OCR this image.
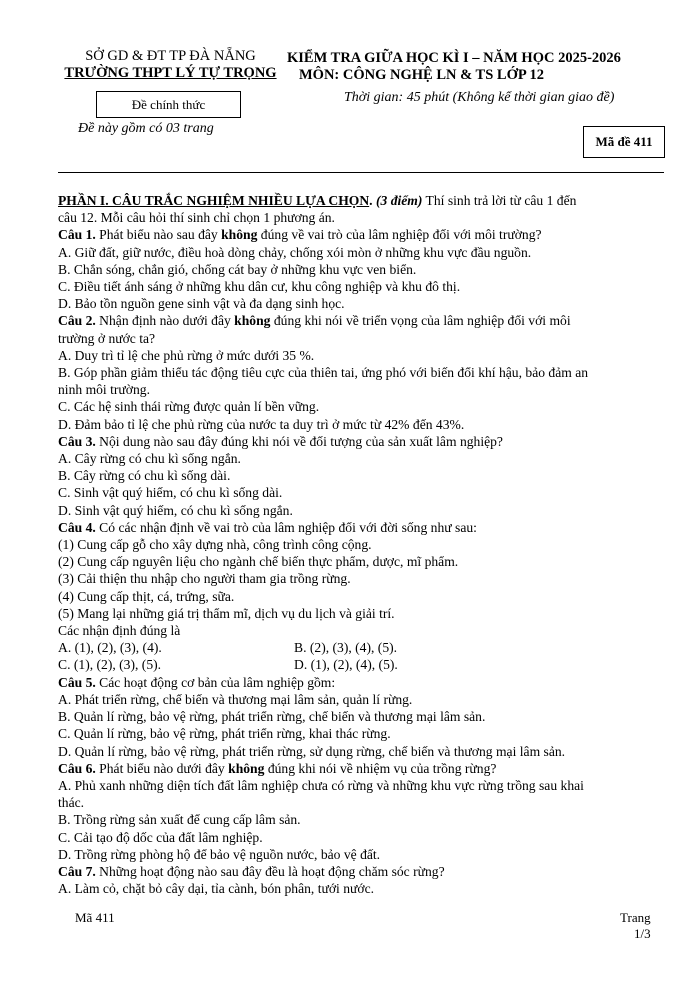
SỞ GD & ĐT TP ĐÀ NẴNG
TRƯỜNG THPT LÝ TỰ TRỌNG
Đề chính thức
Đề này gồm có 03 trang
KIỂM TRA GIỮA HỌC KÌ I – NĂM HỌC 2025-2026
MÔN: CÔNG NGHỆ LN & TS LỚP 12
Thời gian: 45 phút (Không kể thời gian giao đề)
Mã đề 411

PHẦN I. CÂU TRẮC NGHIỆM NHIỀU LỰA CHỌN. (3 điểm) Thí sinh trả lời từ câu 1 đến

câu 12. Mỗi câu hỏi thí sinh chỉ chọn 1 phương án.

Câu 1. Phát biểu nào sau đây không đúng về vai trò của lâm nghiệp đối với môi trường?

A. Giữ đất, giữ nước, điều hoà dòng chảy, chống xói mòn ở những khu vực đầu nguồn.

B. Chắn sóng, chắn gió, chống cát bay ở những khu vực ven biển.

C. Điều tiết ánh sáng ở những khu dân cư, khu công nghiệp và khu đô thị.

D. Bảo tồn nguồn gene sinh vật và đa dạng sinh học.

Câu 2. Nhận định nào dưới đây không đúng khi nói về triển vọng của lâm nghiệp đối với môi

trường ở nước ta?

A. Duy trì tỉ lệ che phủ rừng ở mức dưới 35 %.

B. Góp phần giảm thiểu tác động tiêu cực của thiên tai, ứng phó với biến đổi khí hậu, bảo đảm an

ninh môi trường.

C. Các hệ sinh thái rừng được quản lí bền vững.

D. Đảm bảo tỉ lệ che phủ rừng của nước ta duy trì ở mức từ 42% đến 43%.

Câu 3. Nội dung nào sau đây đúng khi nói về đối tượng của sản xuất lâm nghiệp?

A. Cây rừng có chu kì sống ngắn.

B. Cây rừng có chu kì sống dài.

C. Sinh vật quý hiếm, có chu kì sống dài.

D. Sinh vật quý hiếm, có chu kì sống ngắn.

Câu 4. Có các nhận định về vai trò của lâm nghiệp đối với đời sống như sau:

(1) Cung cấp gỗ cho xây dựng nhà, công trình công cộng.

(2) Cung cấp nguyên liệu cho ngành chế biến thực phẩm, dược, mĩ phẩm.

(3) Cải thiện thu nhập cho người tham gia trồng rừng.

(4) Cung cấp thịt, cá, trứng, sữa.

(5) Mang lại những giá trị thẩm mĩ, dịch vụ du lịch và giải trí.

Các nhận định đúng là

A. (1), (2), (3), (4).	B. (2), (3), (4), (5).

C. (1), (2), (3), (5).	D. (1), (2), (4), (5).

Câu 5. Các hoạt động cơ bản của lâm nghiệp gồm:

A. Phát triển rừng, chế biến và thương mại lâm sản, quản lí rừng.

B. Quản lí rừng, bảo vệ rừng, phát triển rừng, chế biến và thương mại lâm sản.

C. Quản lí rừng, bảo vệ rừng, phát triển rừng, khai thác rừng.

D. Quản lí rừng, bảo vệ rừng, phát triển rừng, sử dụng rừng, chế biến và thương mại lâm sản.

Câu 6. Phát biểu nào dưới đây không đúng khi nói về nhiệm vụ của trồng rừng?

A. Phủ xanh những diện tích đất lâm nghiệp chưa có rừng và những khu vực rừng trồng sau khai

thác.

B. Trồng rừng sản xuất để cung cấp lâm sản.

C. Cải tạo độ dốc của đất lâm nghiệp.

D. Trồng rừng phòng hộ để bảo vệ nguồn nước, bảo vệ đất.

Câu 7. Những hoạt động nào sau đây đều là hoạt động chăm sóc rừng?

A. Làm cỏ, chặt bỏ cây dại, tỉa cành, bón phân, tưới nước.

Mã 411	Trang
1/3
